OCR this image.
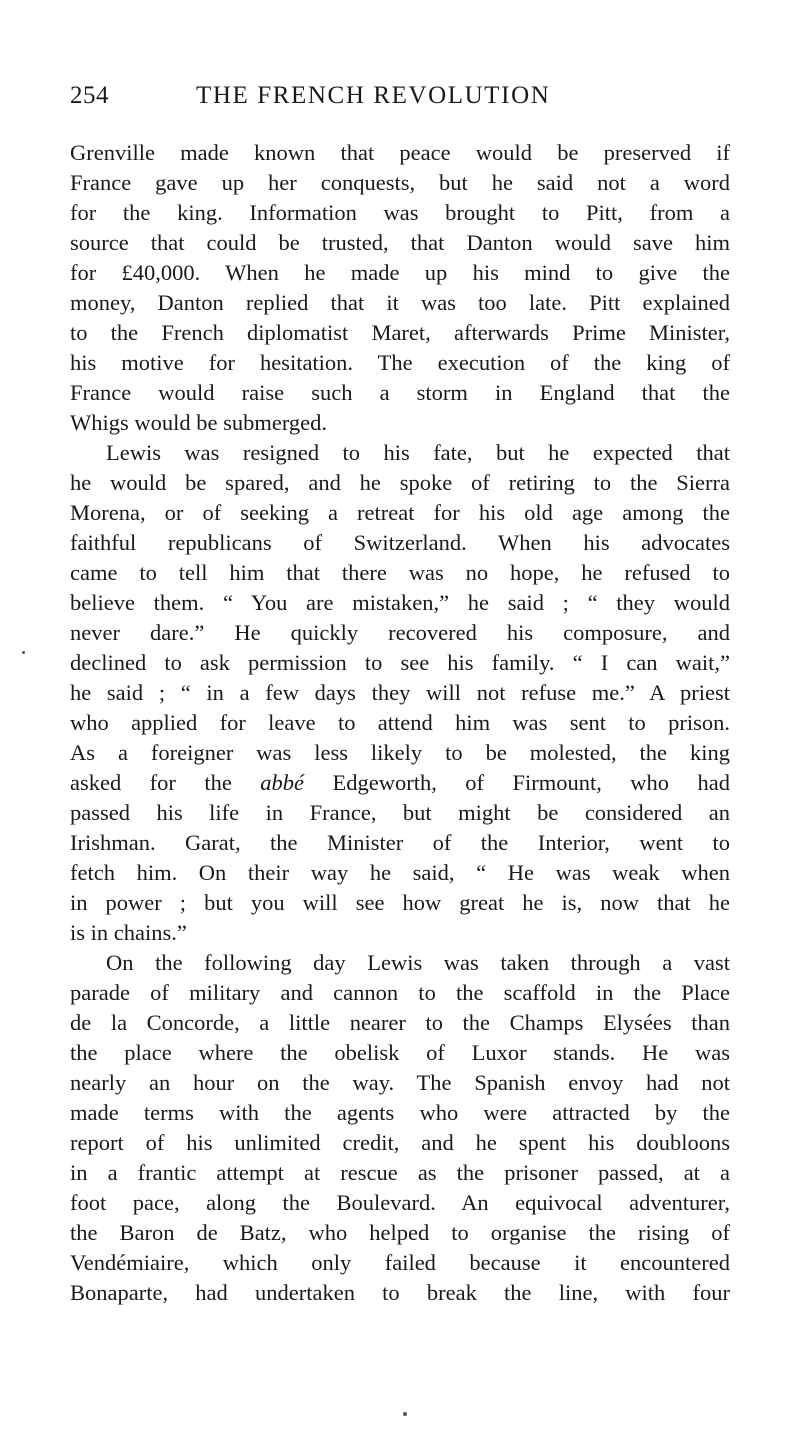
254	THE FRENCH REVOLUTION
Grenville made known that peace would be preserved if
France gave up her conquests, but he said not a word
for the king. Information was brought to Pitt, from a
source that could be trusted, that Danton would save him
for £40,000. When he made up his mind to give the
money, Danton replied that it was too late. Pitt explained
to the French diplomatist Maret, afterwards Prime Minister,
his motive for hesitation. The execution of the king of
France would raise such a storm in England that the
Whigs would be submerged.
Lewis was resigned to his fate, but he expected that
he would be spared, and he spoke of retiring to the Sierra
Morena, or of seeking a retreat for his old age among the
faithful republicans of Switzerland. When his advocates
came to tell him that there was no hope, he refused to
believe them. “ You are mistaken,” he said ; “ they would
never dare.” He quickly recovered his composure, and
declined to ask permission to see his family. “ I can wait,”
he said ; “ in a few days they will not refuse me.” A priest
who applied for leave to attend him was sent to prison.
As a foreigner was less likely to be molested, the king
asked for the abbé Edgeworth, of Firmount, who had
passed his life in France, but might be considered an
Irishman. Garat, the Minister of the Interior, went to
fetch him. On their way he said, “ He was weak when
in power ; but you will see how great he is, now that he
is in chains.”
On the following day Lewis was taken through a vast
parade of military and cannon to the scaffold in the Place
de la Concorde, a little nearer to the Champs Elysées than
the place where the obelisk of Luxor stands. He was
nearly an hour on the way. The Spanish envoy had not
made terms with the agents who were attracted by the
report of his unlimited credit, and he spent his doubloons
in a frantic attempt at rescue as the prisoner passed, at a
foot pace, along the Boulevard. An equivocal adventurer,
the Baron de Batz, who helped to organise the rising of
Vendémiaire, which only failed because it encountered
Bonaparte, had undertaken to break the line, with four
